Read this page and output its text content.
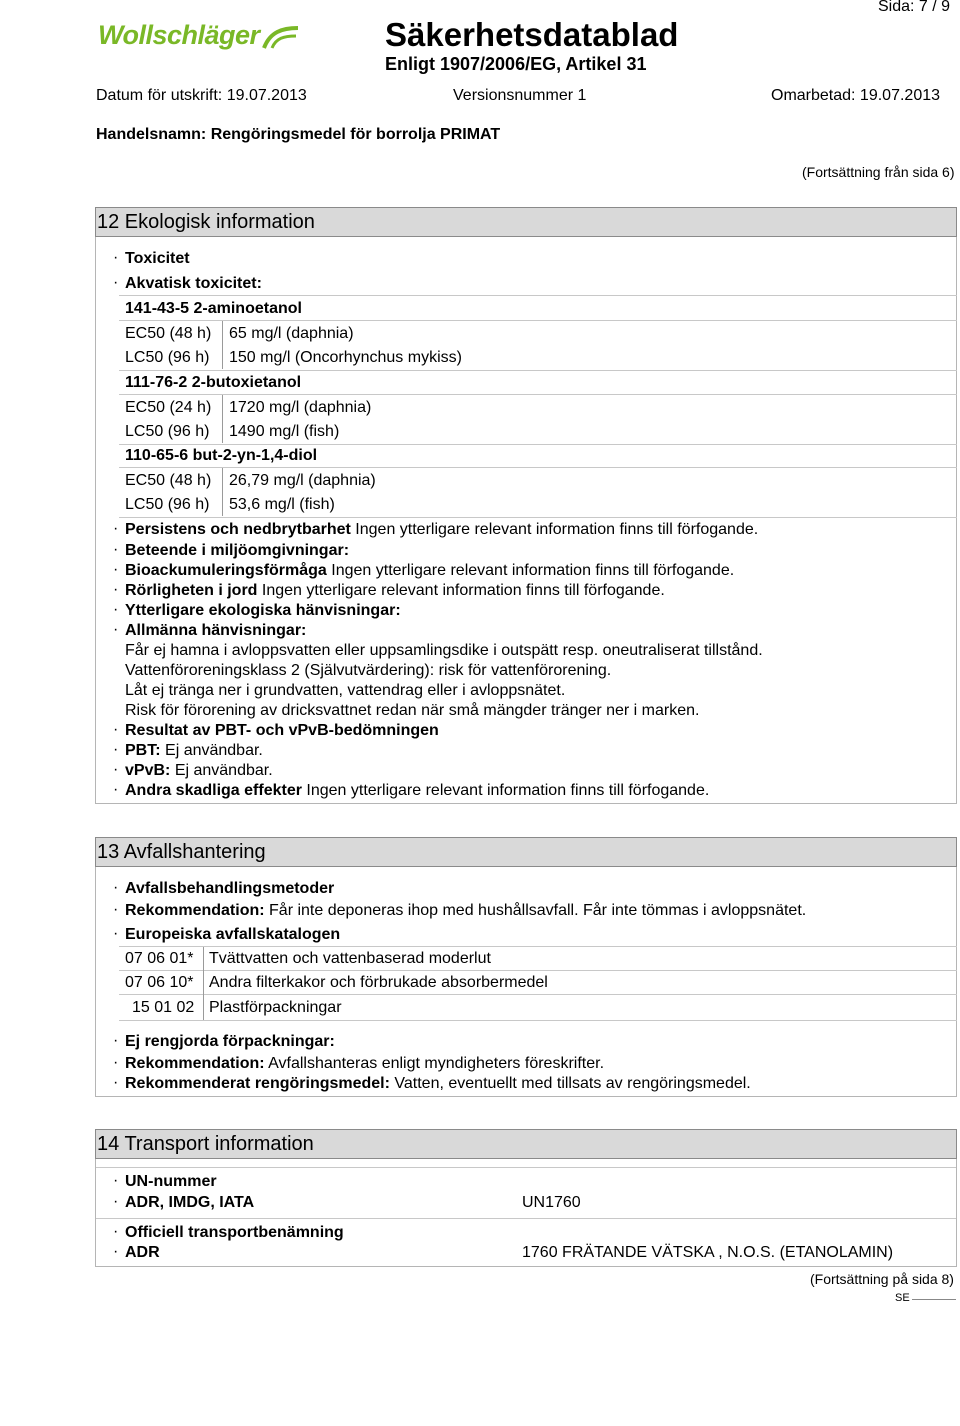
Wollschläger	Säkerhetsdatablad
Enligt 1907/2006/EG, Artikel 31
Sida: 7 / 9
Datum för utskrift: 19.07.2013	Versionsnummer 1	Omarbetad: 19.07.2013
Handelsnamn: Rengöringsmedel för borrolja PRIMAT
(Fortsättning från sida 6)
12 Ekologisk information
· Toxicitet
· Akvatisk toxicitet:
141-43-5 2-aminoetanol
EC50 (48 h) 65 mg/l (daphnia)
LC50 (96 h) 150 mg/l (Oncorhynchus mykiss)
111-76-2 2-butoxietanol
EC50 (24 h) 1720 mg/l (daphnia)
LC50 (96 h) 1490 mg/l (fish)
110-65-6 but-2-yn-1,4-diol
EC50 (48 h) 26,79 mg/l (daphnia)
LC50 (96 h) 53,6 mg/l (fish)
· Persistens och nedbrytbarhet Ingen ytterligare relevant information finns till förfogande.
· Beteende i miljöomgivningar:
· Bioackumuleringsförmåga Ingen ytterligare relevant information finns till förfogande.
· Rörligheten i jord Ingen ytterligare relevant information finns till förfogande.
· Ytterligare ekologiska hänvisningar:
· Allmänna hänvisningar:
Får ej hamna i avloppsvatten eller uppsamlingsdike i outspätt resp. oneutraliserat tillstånd.
Vattenföroreningsklass 2 (Självutvärdering): risk för vattenförorening.
Låt ej tränga ner i grundvatten, vattendrag eller i avloppsnätet.
Risk för förorening av dricksvattnet redan när små mängder tränger ner i marken.
· Resultat av PBT- och vPvB-bedömningen
· PBT: Ej användbar.
· vPvB: Ej användbar.
· Andra skadliga effekter Ingen ytterligare relevant information finns till förfogande.
13 Avfallshantering
· Avfallsbehandlingsmetoder
· Rekommendation: Får inte deponeras ihop med hushållsavfall. Får inte tömmas i avloppsnätet.
· Europeiska avfallskatalogen
07 06 01* Tvättvatten och vattenbaserad moderlut
07 06 10* Andra filterkakor och förbrukade absorbermedel
15 01 02 Plastförpackningar
· Ej rengjorda förpackningar:
· Rekommendation: Avfallshanteras enligt myndigheters föreskrifter.
· Rekommenderat rengöringsmedel: Vatten, eventuellt med tillsats av rengöringsmedel.
14 Transport information
· UN-nummer
· ADR, IMDG, IATA	UN1760
· Officiell transportbenämning
· ADR	1760 FRÄTANDE VÄTSKA , N.O.S. (ETANOLAMIN)
(Fortsättning på sida 8)
SE
